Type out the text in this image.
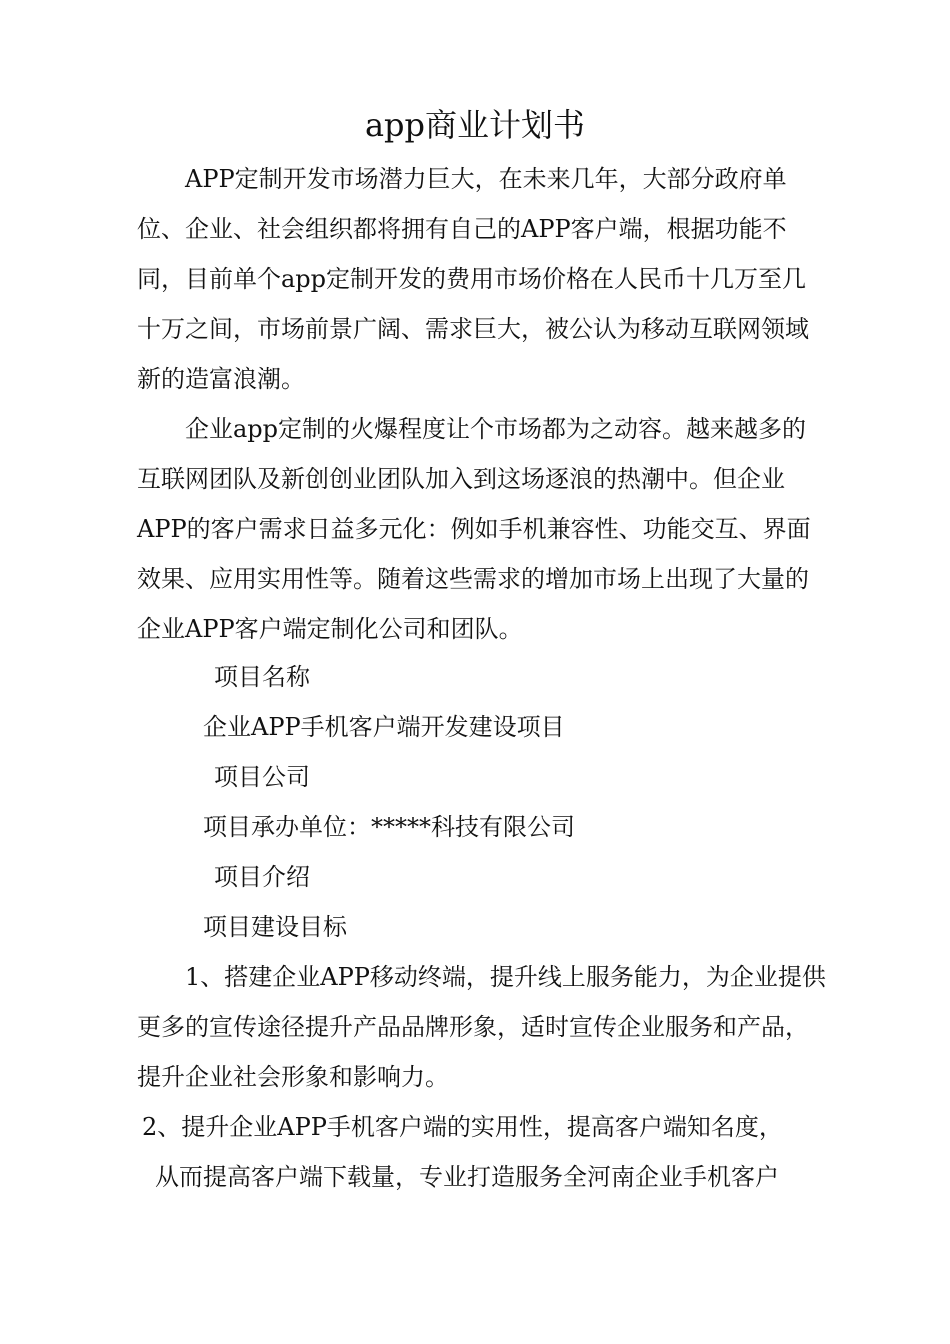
app商业计划书

APP定制开发市场潜力巨大，在未来几年，大部分政府单位、企业、社会组织都将拥有自己的APP客户端，根据功能不同，目前单个app定制开发的费用市场价格在人民币十几万至几十万之间，市场前景广阔、需求巨大，被公认为移动互联网领域新的造富浪潮。

企业app定制的火爆程度让个市场都为之动容。越来越多的互联网团队及新创创业团队加入到这场逐浪的热潮中。但企业APP的客户需求日益多元化：例如手机兼容性、功能交互、界面效果、应用实用性等。随着这些需求的增加市场上出现了大量的企业APP客户端定制化公司和团队。

项目名称
企业APP手机客户端开发建设项目
项目公司
项目承办单位：*****科技有限公司
项目介绍
项目建设目标

1、搭建企业APP移动终端，提升线上服务能力，为企业提供更多的宣传途径提升产品品牌形象，适时宣传企业服务和产品，提升企业社会形象和影响力。

2、提升企业APP手机客户端的实用性，提高客户端知名度，
从而提高客户端下载量，专业打造服务全河南企业手机客户
